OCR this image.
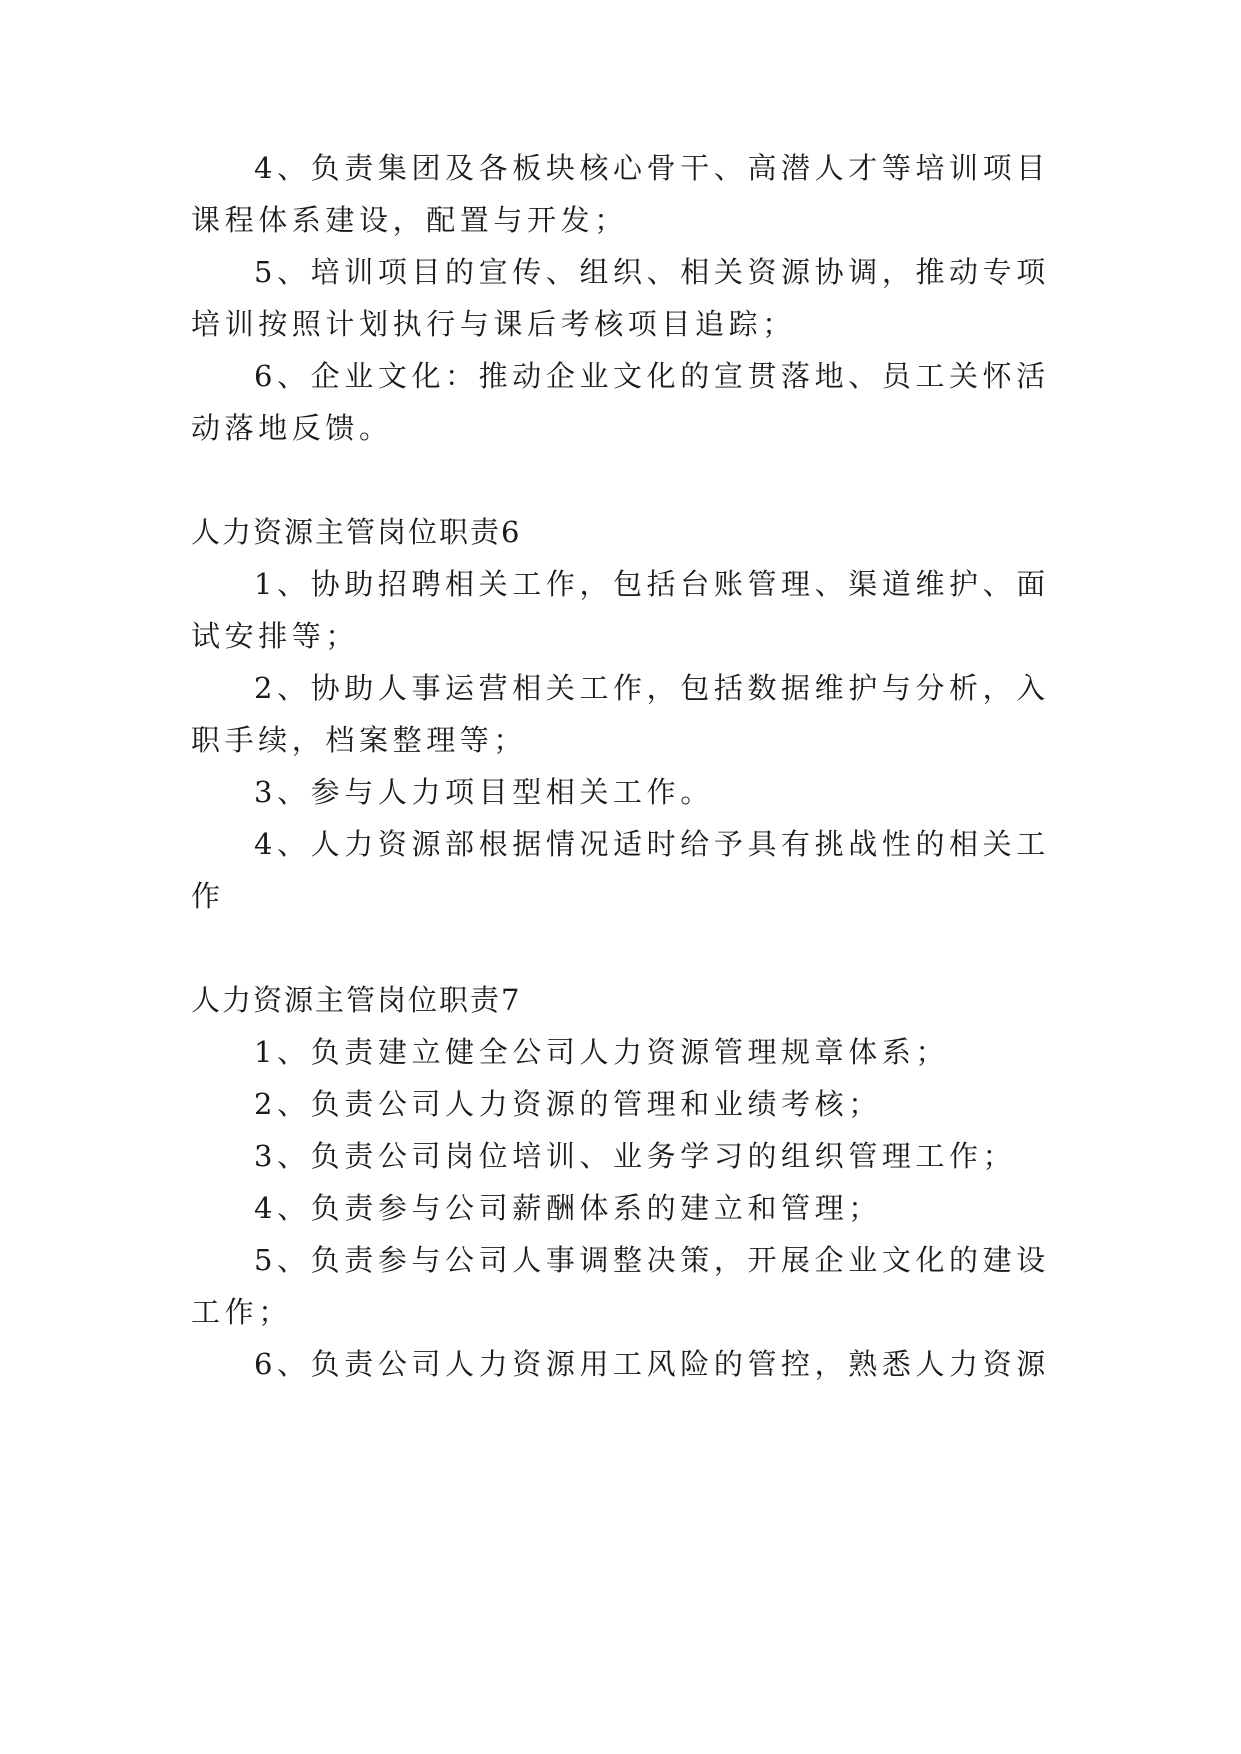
4、负责集团及各板块核心骨干、高潜人才等培训项目
课程体系建设，配置与开发；
5、培训项目的宣传、组织、相关资源协调，推动专项
培训按照计划执行与课后考核项目追踪；
6、企业文化：推动企业文化的宣贯落地、员工关怀活
动落地反馈。
人力资源主管岗位职责6
1、协助招聘相关工作，包括台账管理、渠道维护、面
试安排等；
2、协助人事运营相关工作，包括数据维护与分析，入
职手续，档案整理等；
3、参与人力项目型相关工作。
4、人力资源部根据情况适时给予具有挑战性的相关工
作
人力资源主管岗位职责7
1、负责建立健全公司人力资源管理规章体系；
2、负责公司人力资源的管理和业绩考核；
3、负责公司岗位培训、业务学习的组织管理工作；
4、负责参与公司薪酬体系的建立和管理；
5、负责参与公司人事调整决策，开展企业文化的建设
工作；
6、负责公司人力资源用工风险的管控，熟悉人力资源
